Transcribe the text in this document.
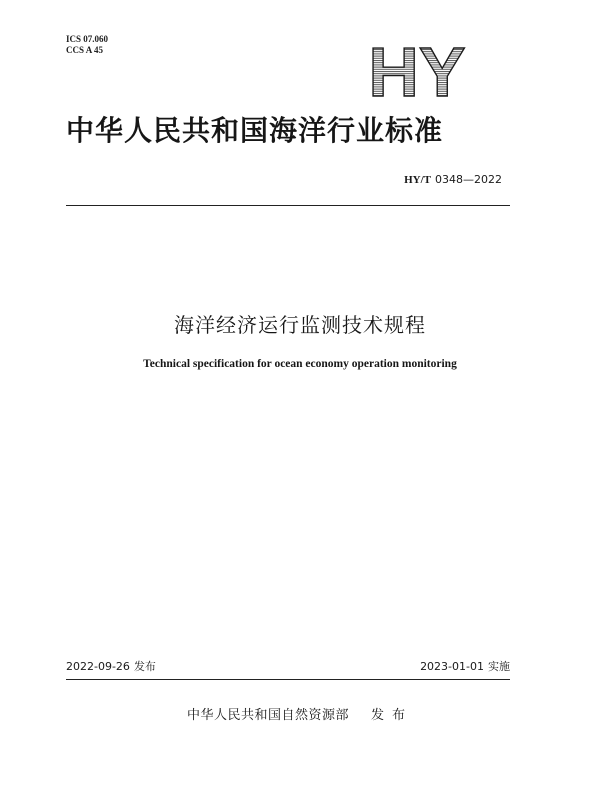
ICS 07.060
CCS A 45	HY
中华人民共和国海洋行业标准
HY/T 0348—2022
海洋经济运行监测技术规程
Technical specification for ocean economy operation monitoring
2022-09-26 发布	2023-01-01 实施
中华人民共和国自然资源部 发布
